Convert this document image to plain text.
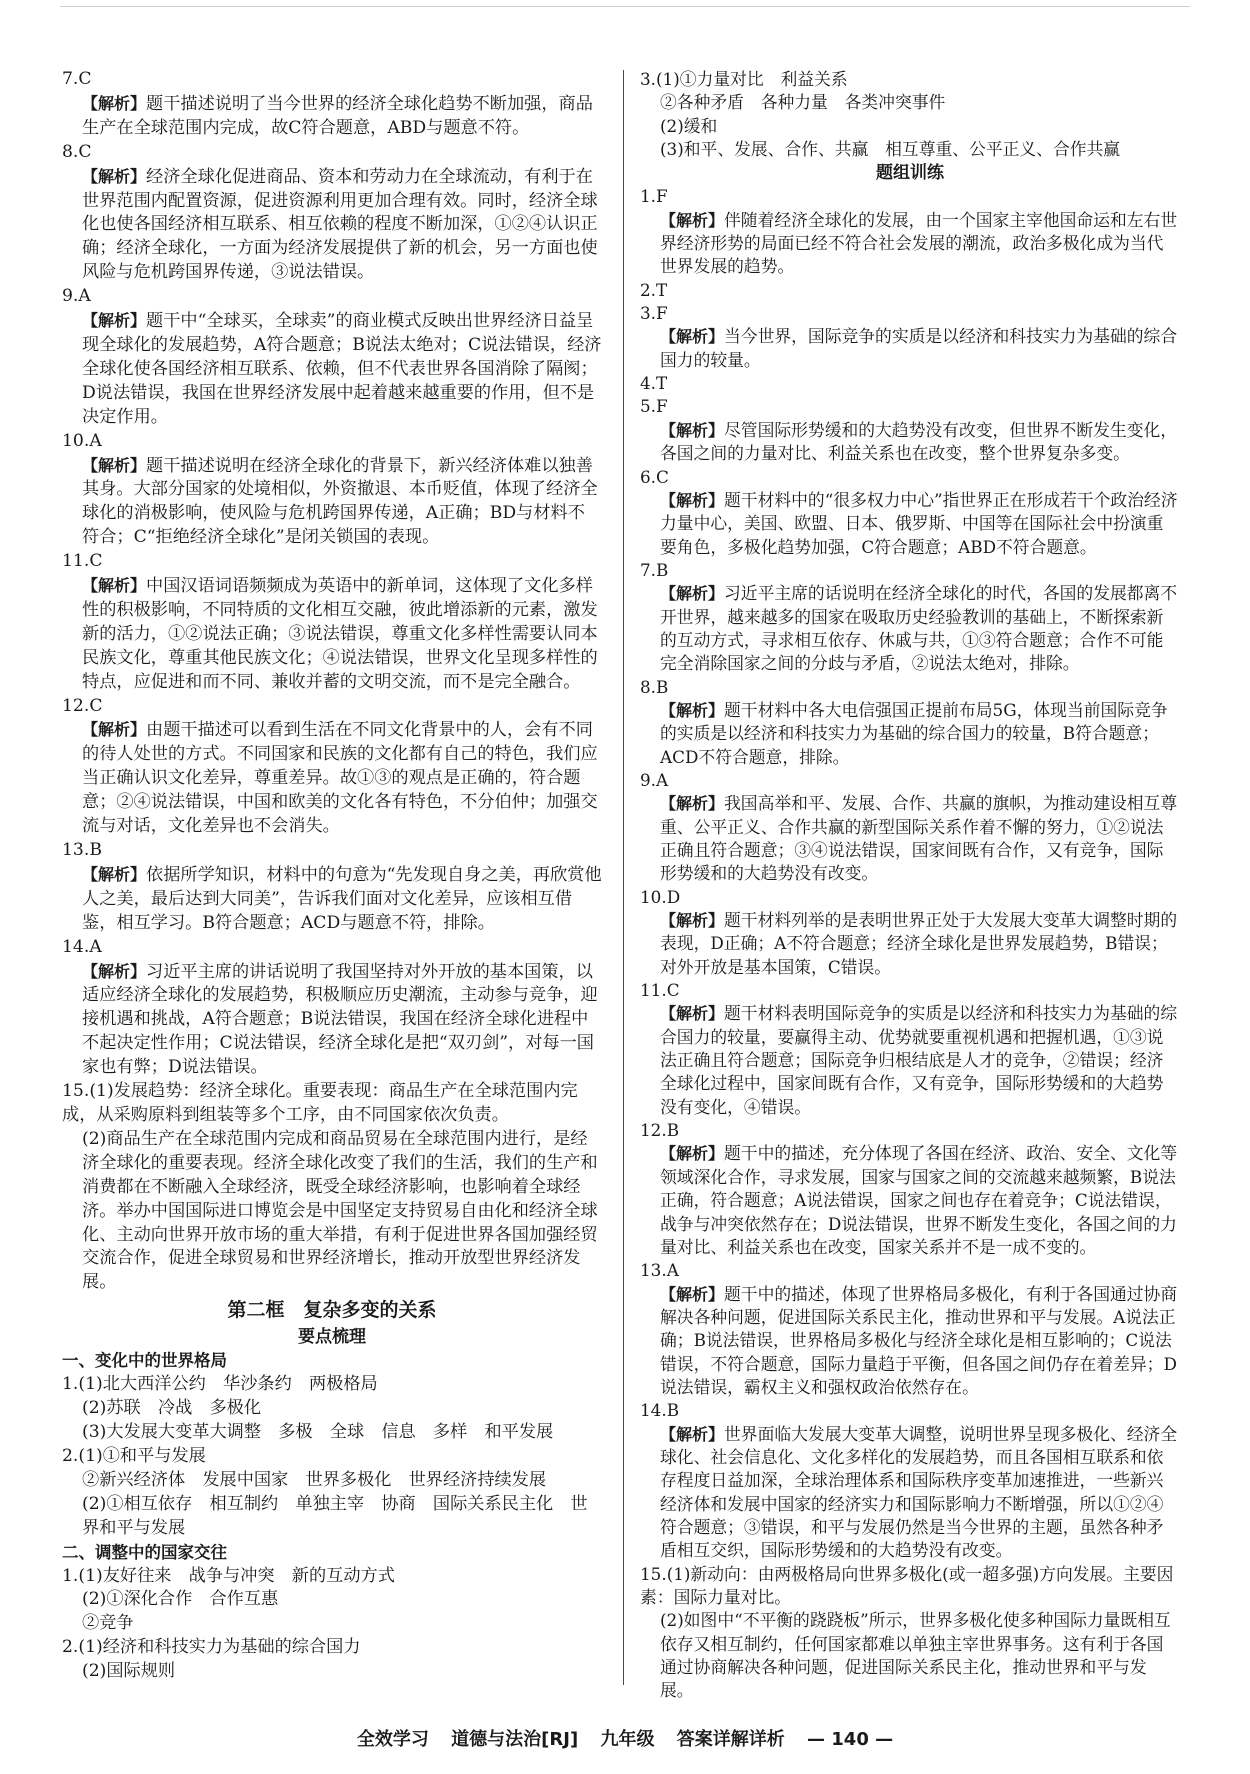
7.C
【解析】题干描述说明了当今世界的经济全球化趋势不断加强，商品生产在全球范围内完成，故C符合题意，ABD与题意不符。
8.C
【解析】经济全球化促进商品、资本和劳动力在全球流动，有利于在世界范围内配置资源，促进资源利用更加合理有效。同时，经济全球化也使各国经济相互联系、相互依赖的程度不断加深，①②④认识正确；经济全球化，一方面为经济发展提供了新的机会，另一方面也使风险与危机跨国界传递，③说法错误。
9.A
【解析】题干中“全球买，全球卖”的商业模式反映出世界经济日益呈现全球化的发展趋势，A符合题意；B说法太绝对；C说法错误，经济全球化使各国经济相互联系、依赖，但不代表世界各国消除了隔阂；D说法错误，我国在世界经济发展中起着越来越重要的作用，但不是决定作用。
10.A
【解析】题干描述说明在经济全球化的背景下，新兴经济体难以独善其身。大部分国家的处境相似，外资撤退、本币贬值，体现了经济全球化的消极影响，使风险与危机跨国界传递，A正确；BD与材料不符合；C“拒绝经济全球化”是闭关锁国的表现。
11.C
【解析】中国汉语词语频频成为英语中的新单词，这体现了文化多样性的积极影响，不同特质的文化相互交融，彼此增添新的元素，激发新的活力，①②说法正确；③说法错误，尊重文化多样性需要认同本民族文化，尊重其他民族文化；④说法错误，世界文化呈现多样性的特点，应促进和而不同、兼收并蓄的文明交流，而不是完全融合。
12.C
【解析】由题干描述可以看到生活在不同文化背景中的人，会有不同的待人处世的方式。不同国家和民族的文化都有自己的特色，我们应当正确认识文化差异，尊重差异。故①③的观点是正确的，符合题意；②④说法错误，中国和欧美的文化各有特色，不分伯仲；加强交流与对话，文化差异也不会消失。
13.B
【解析】依据所学知识，材料中的句意为“先发现自身之美，再欣赏他人之美，最后达到大同美”，告诉我们面对文化差异，应该相互借鉴，相互学习。B符合题意；ACD与题意不符，排除。
14.A
【解析】习近平主席的讲话说明了我国坚持对外开放的基本国策，以适应经济全球化的发展趋势，积极顺应历史潮流，主动参与竞争，迎接机遇和挑战，A符合题意；B说法错误，我国在经济全球化进程中不起决定性作用；C说法错误，经济全球化是把“双刃剑”，对每一国家也有弊；D说法错误。
15.(1)发展趋势：经济全球化。重要表现：商品生产在全球范围内完成，从采购原料到组装等多个工序，由不同国家依次负责。
(2)商品生产在全球范围内完成和商品贸易在全球范围内进行，是经济全球化的重要表现。经济全球化改变了我们的生活，我们的生产和消费都在不断融入全球经济，既受全球经济影响，也影响着全球经济。举办中国国际进口博览会是中国坚定支持贸易自由化和经济全球化、主动向世界开放市场的重大举措，有利于促进世界各国加强经贸交流合作，促进全球贸易和世界经济增长，推动开放型世界经济发展。
第二框　复杂多变的关系
要点梳理
一、变化中的世界格局
1.(1)北大西洋公约　华沙条约　两极格局
(2)苏联　冷战　多极化
(3)大发展大变革大调整　多极　全球　信息　多样　和平发展
2.(1)①和平与发展
②新兴经济体　发展中国家　世界多极化　世界经济持续发展
(2)①相互依存　相互制约　单独主宰　协商　国际关系民主化　世界和平与发展
二、调整中的国家交往
1.(1)友好往来　战争与冲突　新的互动方式
(2)①深化合作　合作互惠
②竞争
2.(1)经济和科技实力为基础的综合国力
(2)国际规则
3.(1)①力量对比　利益关系
②各种矛盾　各种力量　各类冲突事件
(2)缓和
(3)和平、发展、合作、共赢　相互尊重、公平正义、合作共赢
题组训练
1.F
【解析】伴随着经济全球化的发展，由一个国家主宰他国命运和左右世界经济形势的局面已经不符合社会发展的潮流，政治多极化成为当代世界发展的趋势。
2.T
3.F
【解析】当今世界，国际竞争的实质是以经济和科技实力为基础的综合国力的较量。
4.T
5.F
【解析】尽管国际形势缓和的大趋势没有改变，但世界不断发生变化，各国之间的力量对比、利益关系也在改变，整个世界复杂多变。
6.C
【解析】题干材料中的“很多权力中心”指世界正在形成若干个政治经济力量中心，美国、欧盟、日本、俄罗斯、中国等在国际社会中扮演重要角色，多极化趋势加强，C符合题意；ABD不符合题意。
7.B
【解析】习近平主席的话说明在经济全球化的时代，各国的发展都离不开世界，越来越多的国家在吸取历史经验教训的基础上，不断探索新的互动方式，寻求相互依存、休戚与共，①③符合题意；合作不可能完全消除国家之间的分歧与矛盾，②说法太绝对，排除。
8.B
【解析】题干材料中各大电信强国正提前布局5G，体现当前国际竞争的实质是以经济和科技实力为基础的综合国力的较量，B符合题意；ACD不符合题意，排除。
9.A
【解析】我国高举和平、发展、合作、共赢的旗帜，为推动建设相互尊重、公平正义、合作共赢的新型国际关系作着不懈的努力，①②说法正确且符合题意；③④说法错误，国家间既有合作，又有竞争，国际形势缓和的大趋势没有改变。
10.D
【解析】题干材料列举的是表明世界正处于大发展大变革大调整时期的表现，D正确；A不符合题意；经济全球化是世界发展趋势，B错误；对外开放是基本国策，C错误。
11.C
【解析】题干材料表明国际竞争的实质是以经济和科技实力为基础的综合国力的较量，要赢得主动、优势就要重视机遇和把握机遇，①③说法正确且符合题意；国际竞争归根结底是人才的竞争，②错误；经济全球化过程中，国家间既有合作，又有竞争，国际形势缓和的大趋势没有变化，④错误。
12.B
【解析】题干中的描述，充分体现了各国在经济、政治、安全、文化等领域深化合作，寻求发展，国家与国家之间的交流越来越频繁，B说法正确，符合题意；A说法错误，国家之间也存在着竞争；C说法错误，战争与冲突依然存在；D说法错误，世界不断发生变化，各国之间的力量对比、利益关系也在改变，国家关系并不是一成不变的。
13.A
【解析】题干中的描述，体现了世界格局多极化，有利于各国通过协商解决各种问题，促进国际关系民主化，推动世界和平与发展。A说法正确；B说法错误，世界格局多极化与经济全球化是相互影响的；C说法错误，不符合题意，国际力量趋于平衡，但各国之间仍存在着差异；D说法错误，霸权主义和强权政治依然存在。
14.B
【解析】世界面临大发展大变革大调整，说明世界呈现多极化、经济全球化、社会信息化、文化多样化的发展趋势，而且各国相互联系和依存程度日益加深，全球治理体系和国际秩序变革加速推进，一些新兴经济体和发展中国家的经济实力和国际影响力不断增强，所以①②④符合题意；③错误，和平与发展仍然是当今世界的主题，虽然各种矛盾相互交织，国际形势缓和的大趋势没有改变。
15.(1)新动向：由两极格局向世界多极化(或一超多强)方向发展。主要因素：国际力量对比。
(2)如图中“不平衡的跷跷板”所示，世界多极化使多种国际力量既相互依存又相互制约，任何国家都难以单独主宰世界事务。这有利于各国通过协商解决各种问题，促进国际关系民主化，推动世界和平与发展。
全效学习 道德与法治[RJ] 九年级 答案详解详析 — 140 —
